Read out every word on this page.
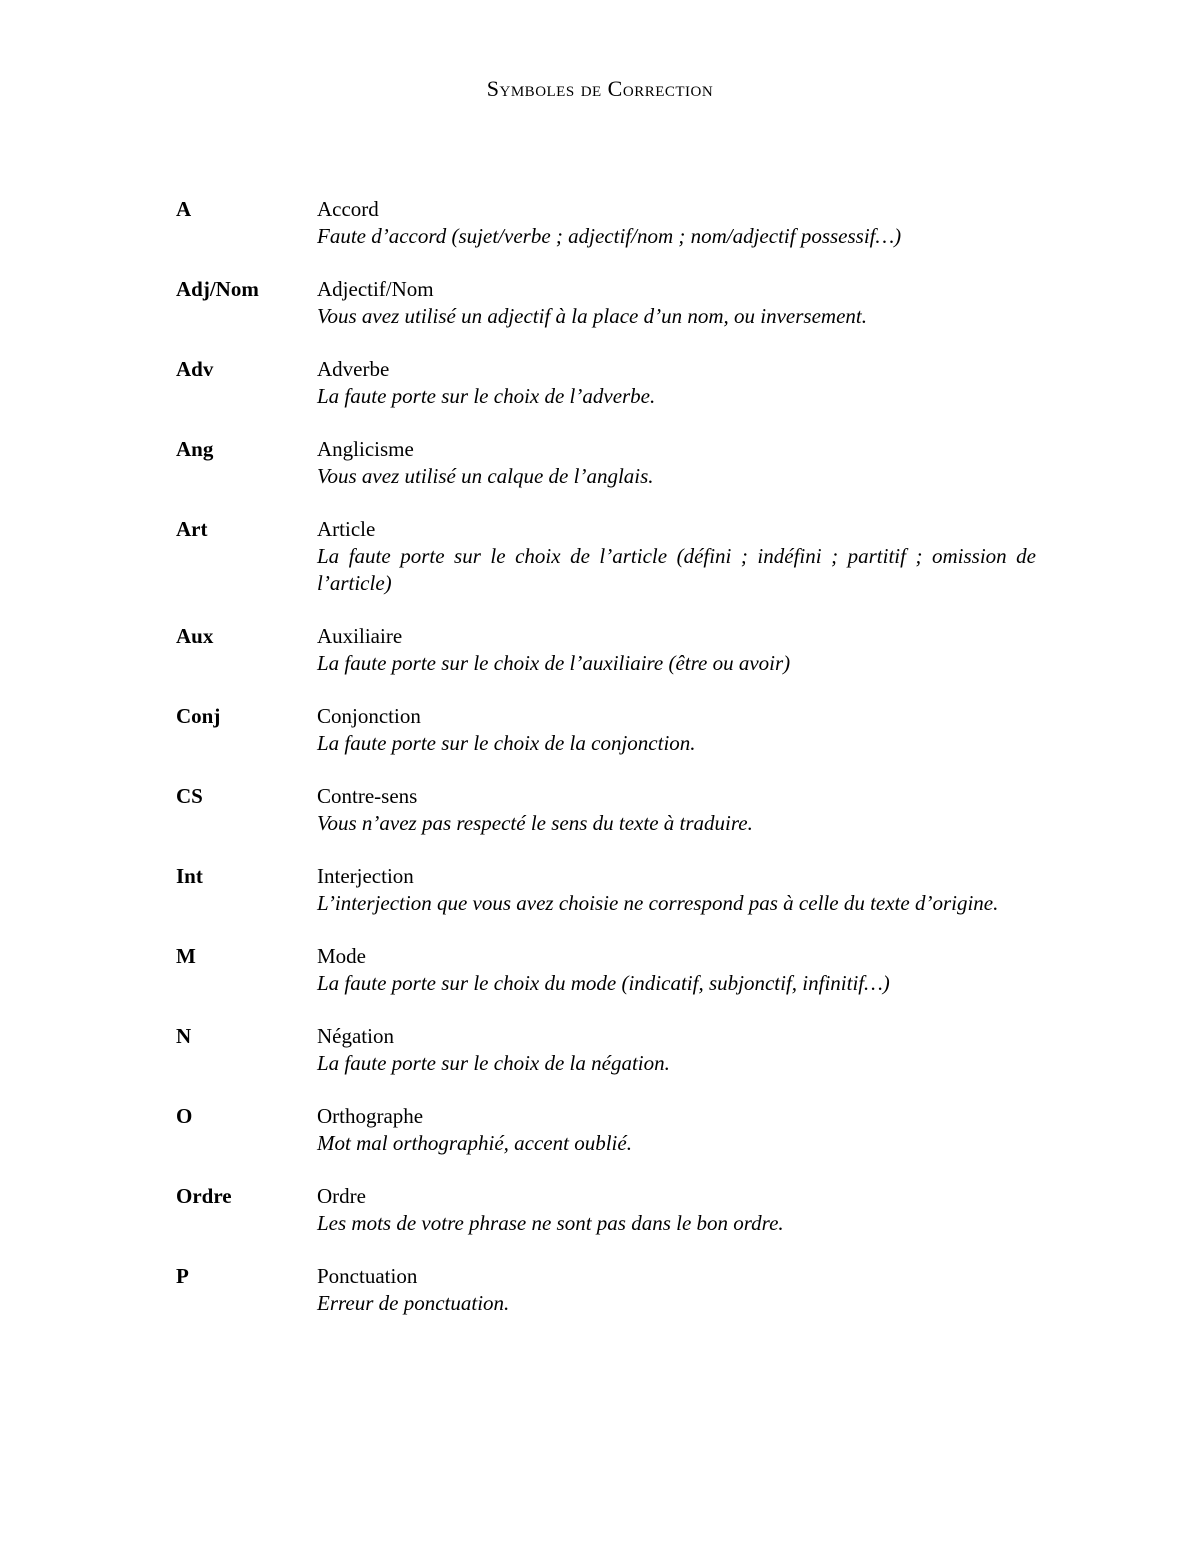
Symboles de Correction
A	Accord
Faute d’accord (sujet/verbe ; adjectif/nom ; nom/adjectif possessif…)
Adj/Nom	Adjectif/Nom
Vous avez utilisé un adjectif à la place d’un nom, ou inversement.
Adv	Adverbe
La faute porte sur le choix de l’adverbe.
Ang	Anglicisme
Vous avez utilisé un calque de l’anglais.
Art	Article
La faute porte sur le choix de l’article (défini ; indéfini ; partitif ; omission de l’article)
Aux	Auxiliaire
La faute porte sur le choix de l’auxiliaire (être ou avoir)
Conj	Conjonction
La faute porte sur le choix de la conjonction.
CS	Contre-sens
Vous n’avez pas respecté le sens du texte à traduire.
Int	Interjection
L’interjection que vous avez choisie ne correspond pas à celle du texte d’origine.
M	Mode
La faute porte sur le choix du mode (indicatif, subjonctif, infinitif…)
N	Négation
La faute porte sur le choix de la négation.
O	Orthographe
Mot mal orthographié, accent oublié.
Ordre	Ordre
Les mots de votre phrase ne sont pas dans le bon ordre.
P	Ponctuation
Erreur de ponctuation.
